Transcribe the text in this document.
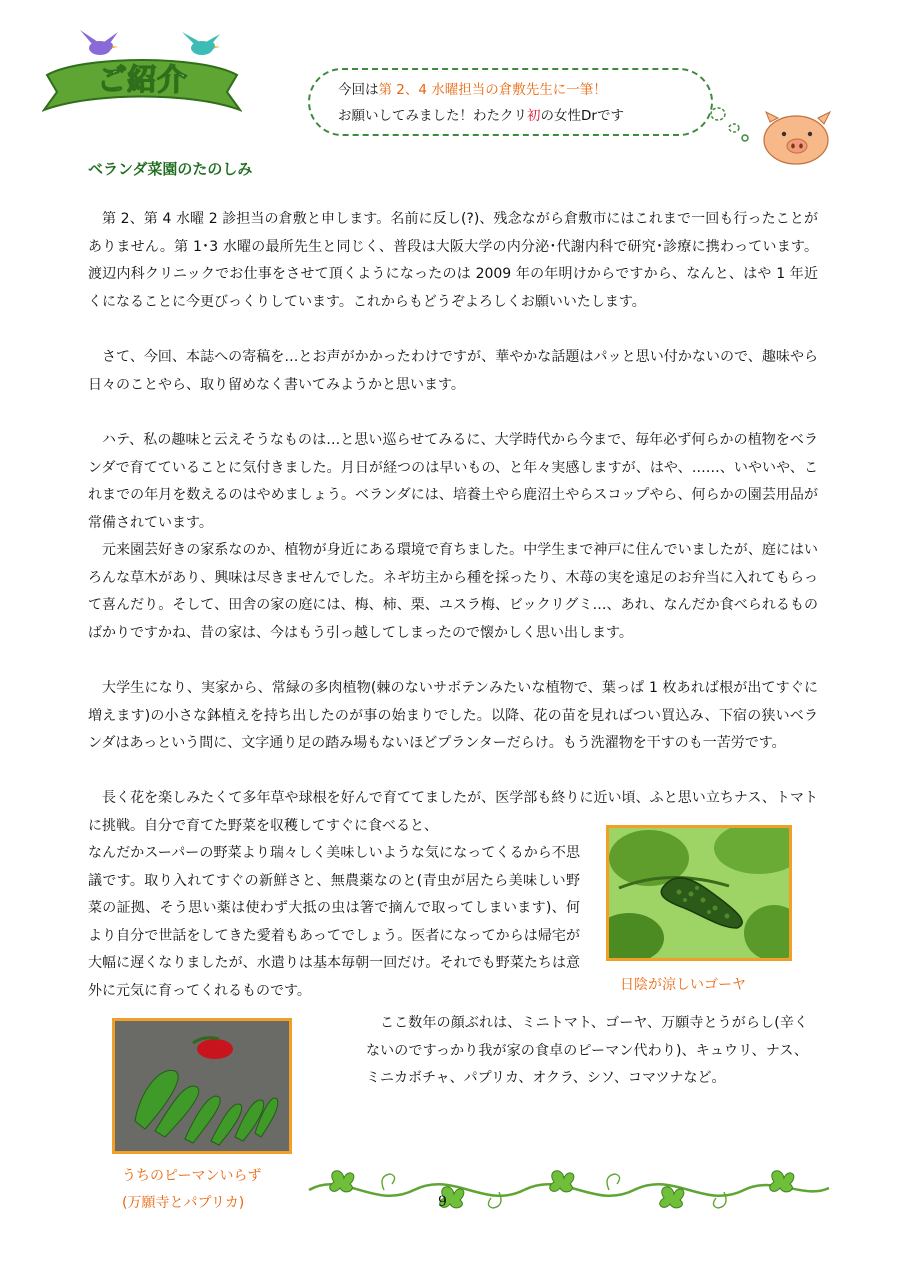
ご紹介	今回は第 2、4 水曜担当の倉敷先生に一筆！
お願いしてみました！わたクリ初の女性Drです
ベランダ菜園のたのしみ

第 2、第 4 水曜 2 診担当の倉敷と申します。名前に反し(?)、残念ながら倉敷市にはこれまで一回も行ったことがありません。第 1･3 水曜の最所先生と同じく、普段は大阪大学の内分泌･代謝内科で研究･診療に携わっています。渡辺内科クリニックでお仕事をさせて頂くようになったのは 2009 年の年明けからですから、なんと、はや 1 年近くになることに今更びっくりしています。これからもどうぞよろしくお願いいたします。

さて、今回、本誌への寄稿を…とお声がかかったわけですが、華やかな話題はパッと思い付かないので、趣味やら日々のことやら、取り留めなく書いてみようかと思います。

ハテ、私の趣味と云えそうなものは…と思い巡らせてみるに、大学時代から今まで、毎年必ず何らかの植物をベランダで育てていることに気付きました。月日が経つのは早いもの、と年々実感しますが、はや、……、いやいや、これまでの年月を数えるのはやめましょう。ベランダには、培養土やら鹿沼土やらスコップやら、何らかの園芸用品が常備されています。

元来園芸好きの家系なのか、植物が身近にある環境で育ちました。中学生まで神戸に住んでいましたが、庭にはいろんな草木があり、興味は尽きませんでした。ネギ坊主から種を採ったり、木苺の実を遠足のお弁当に入れてもらって喜んだり。そして、田舎の家の庭には、梅、柿、栗、ユスラ梅、ビックリグミ…、あれ、なんだか食べられるものばかりですかね、昔の家は、今はもう引っ越してしまったので懐かしく思い出します。

大学生になり、実家から、常緑の多肉植物(棘のないサボテンみたいな植物で、葉っぱ 1 枚あれば根が出てすぐに増えます)の小さな鉢植えを持ち出したのが事の始まりでした。以降、花の苗を見ればつい買込み、下宿の狭いベランダはあっという間に、文字通り足の踏み場もないほどプランターだらけ。もう洗濯物を干すのも一苦労です。

長く花を楽しみたくて多年草や球根を好んで育ててましたが、医学部も終りに近い頃、ふと思い立ちナス、トマトに挑戦。自分で育てた野菜を収穫してすぐに食べると、

なんだかスーパーの野菜より瑞々しく美味しいような気になってくるから不思議です。取り入れてすぐの新鮮さと、無農薬なのと(青虫が居たら美味しい野菜の証拠、そう思い薬は使わず大抵の虫は箸で摘んで取ってしまいます)、何より自分で世話をしてきた愛着もあってでしょう。医者になってからは帰宅が大幅に遅くなりましたが、水遣りは基本毎朝一回だけ。それでも野菜たちは意外に元気に育ってくれるものです。

ここ数年の顔ぶれは、ミニトマト、ゴーヤ、万願寺とうがらし(辛くないのですっかり我が家の食卓のピーマン代わり)、キュウリ、ナス、ミニカボチャ、パプリカ、オクラ、シソ、コマツナなど。

日陰が涼しいゴーヤ
うちのピーマンいらず
(万願寺とパプリカ)	9
